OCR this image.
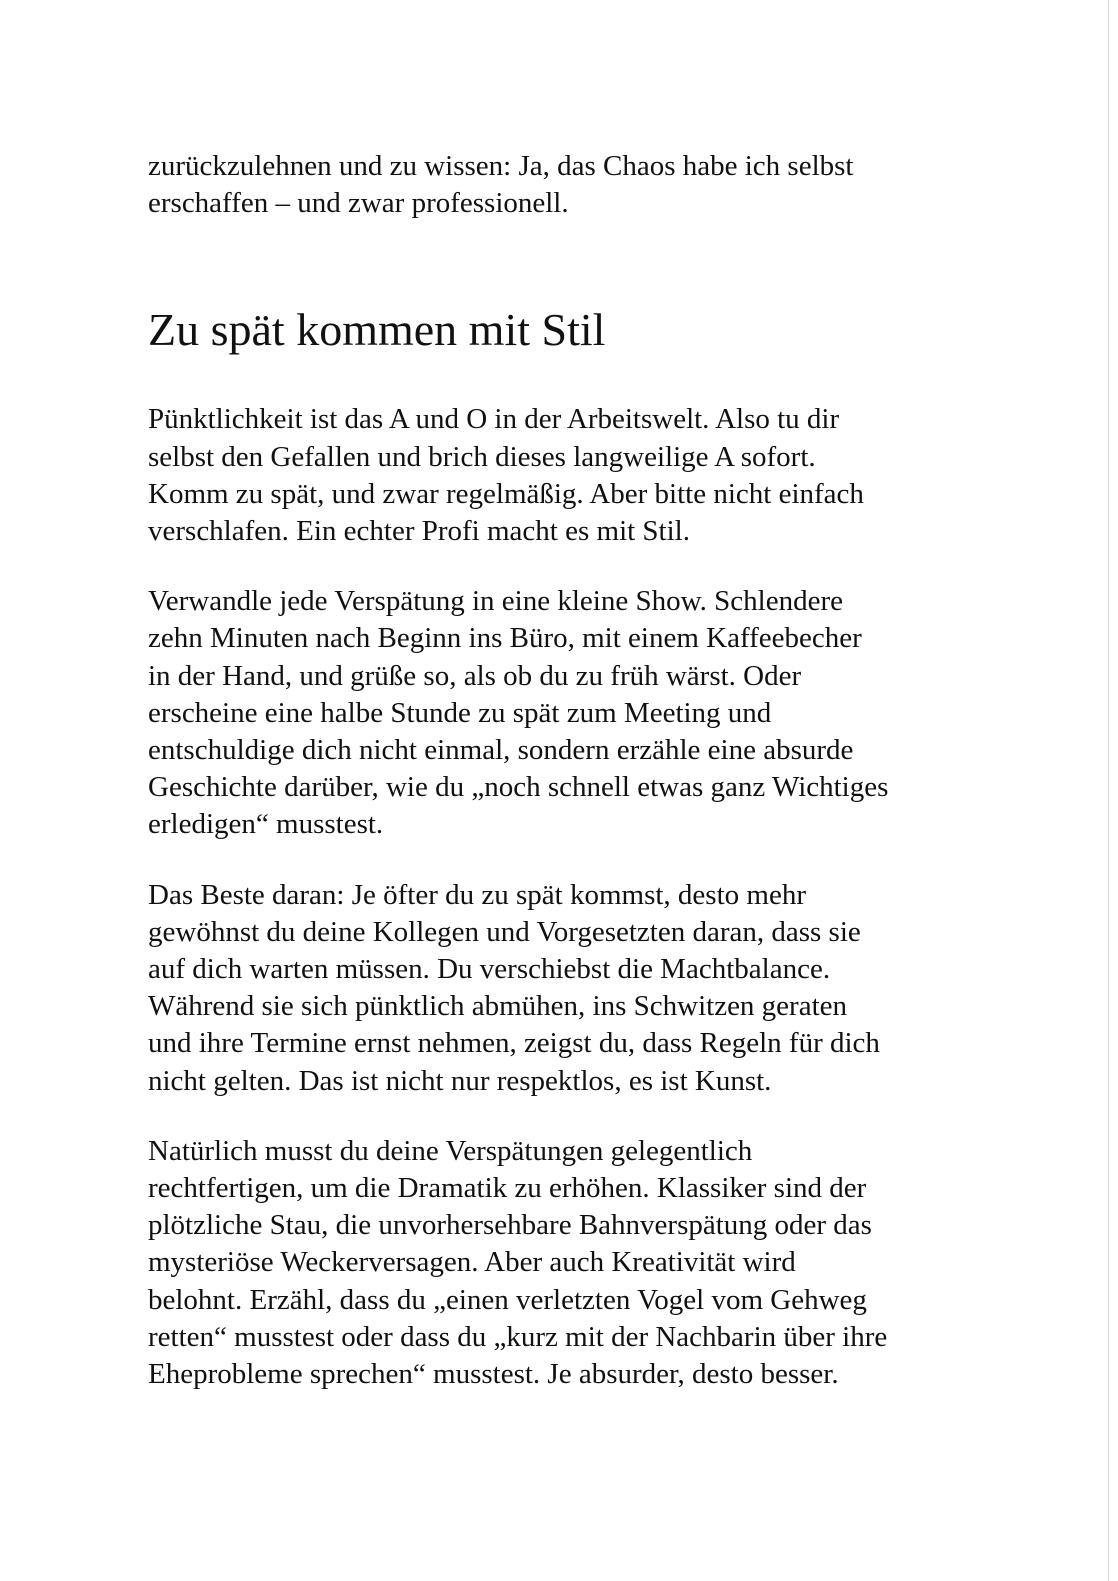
zurückzulehnen und zu wissen: Ja, das Chaos habe ich selbst
erschaffen – und zwar professionell.

Zu spät kommen mit Stil

Pünktlichkeit ist das A und O in der Arbeitswelt. Also tu dir
selbst den Gefallen und brich dieses langweilige A sofort.
Komm zu spät, und zwar regelmäßig. Aber bitte nicht einfach
verschlafen. Ein echter Profi macht es mit Stil.

Verwandle jede Verspätung in eine kleine Show. Schlendere
zehn Minuten nach Beginn ins Büro, mit einem Kaffeebecher
in der Hand, und grüße so, als ob du zu früh wärst. Oder
erscheine eine halbe Stunde zu spät zum Meeting und
entschuldige dich nicht einmal, sondern erzähle eine absurde
Geschichte darüber, wie du „noch schnell etwas ganz Wichtiges
erledigen“ musstest.

Das Beste daran: Je öfter du zu spät kommst, desto mehr
gewöhnst du deine Kollegen und Vorgesetzten daran, dass sie
auf dich warten müssen. Du verschiebst die Machtbalance.
Während sie sich pünktlich abmühen, ins Schwitzen geraten
und ihre Termine ernst nehmen, zeigst du, dass Regeln für dich
nicht gelten. Das ist nicht nur respektlos, es ist Kunst.

Natürlich musst du deine Verspätungen gelegentlich
rechtfertigen, um die Dramatik zu erhöhen. Klassiker sind der
plötzliche Stau, die unvorhersehbare Bahnverspätung oder das
mysteriöse Weckerversagen. Aber auch Kreativität wird
belohnt. Erzähl, dass du „einen verletzten Vogel vom Gehweg
retten“ musstest oder dass du „kurz mit der Nachbarin über ihre
Eheprobleme sprechen“ musstest. Je absurder, desto besser.
